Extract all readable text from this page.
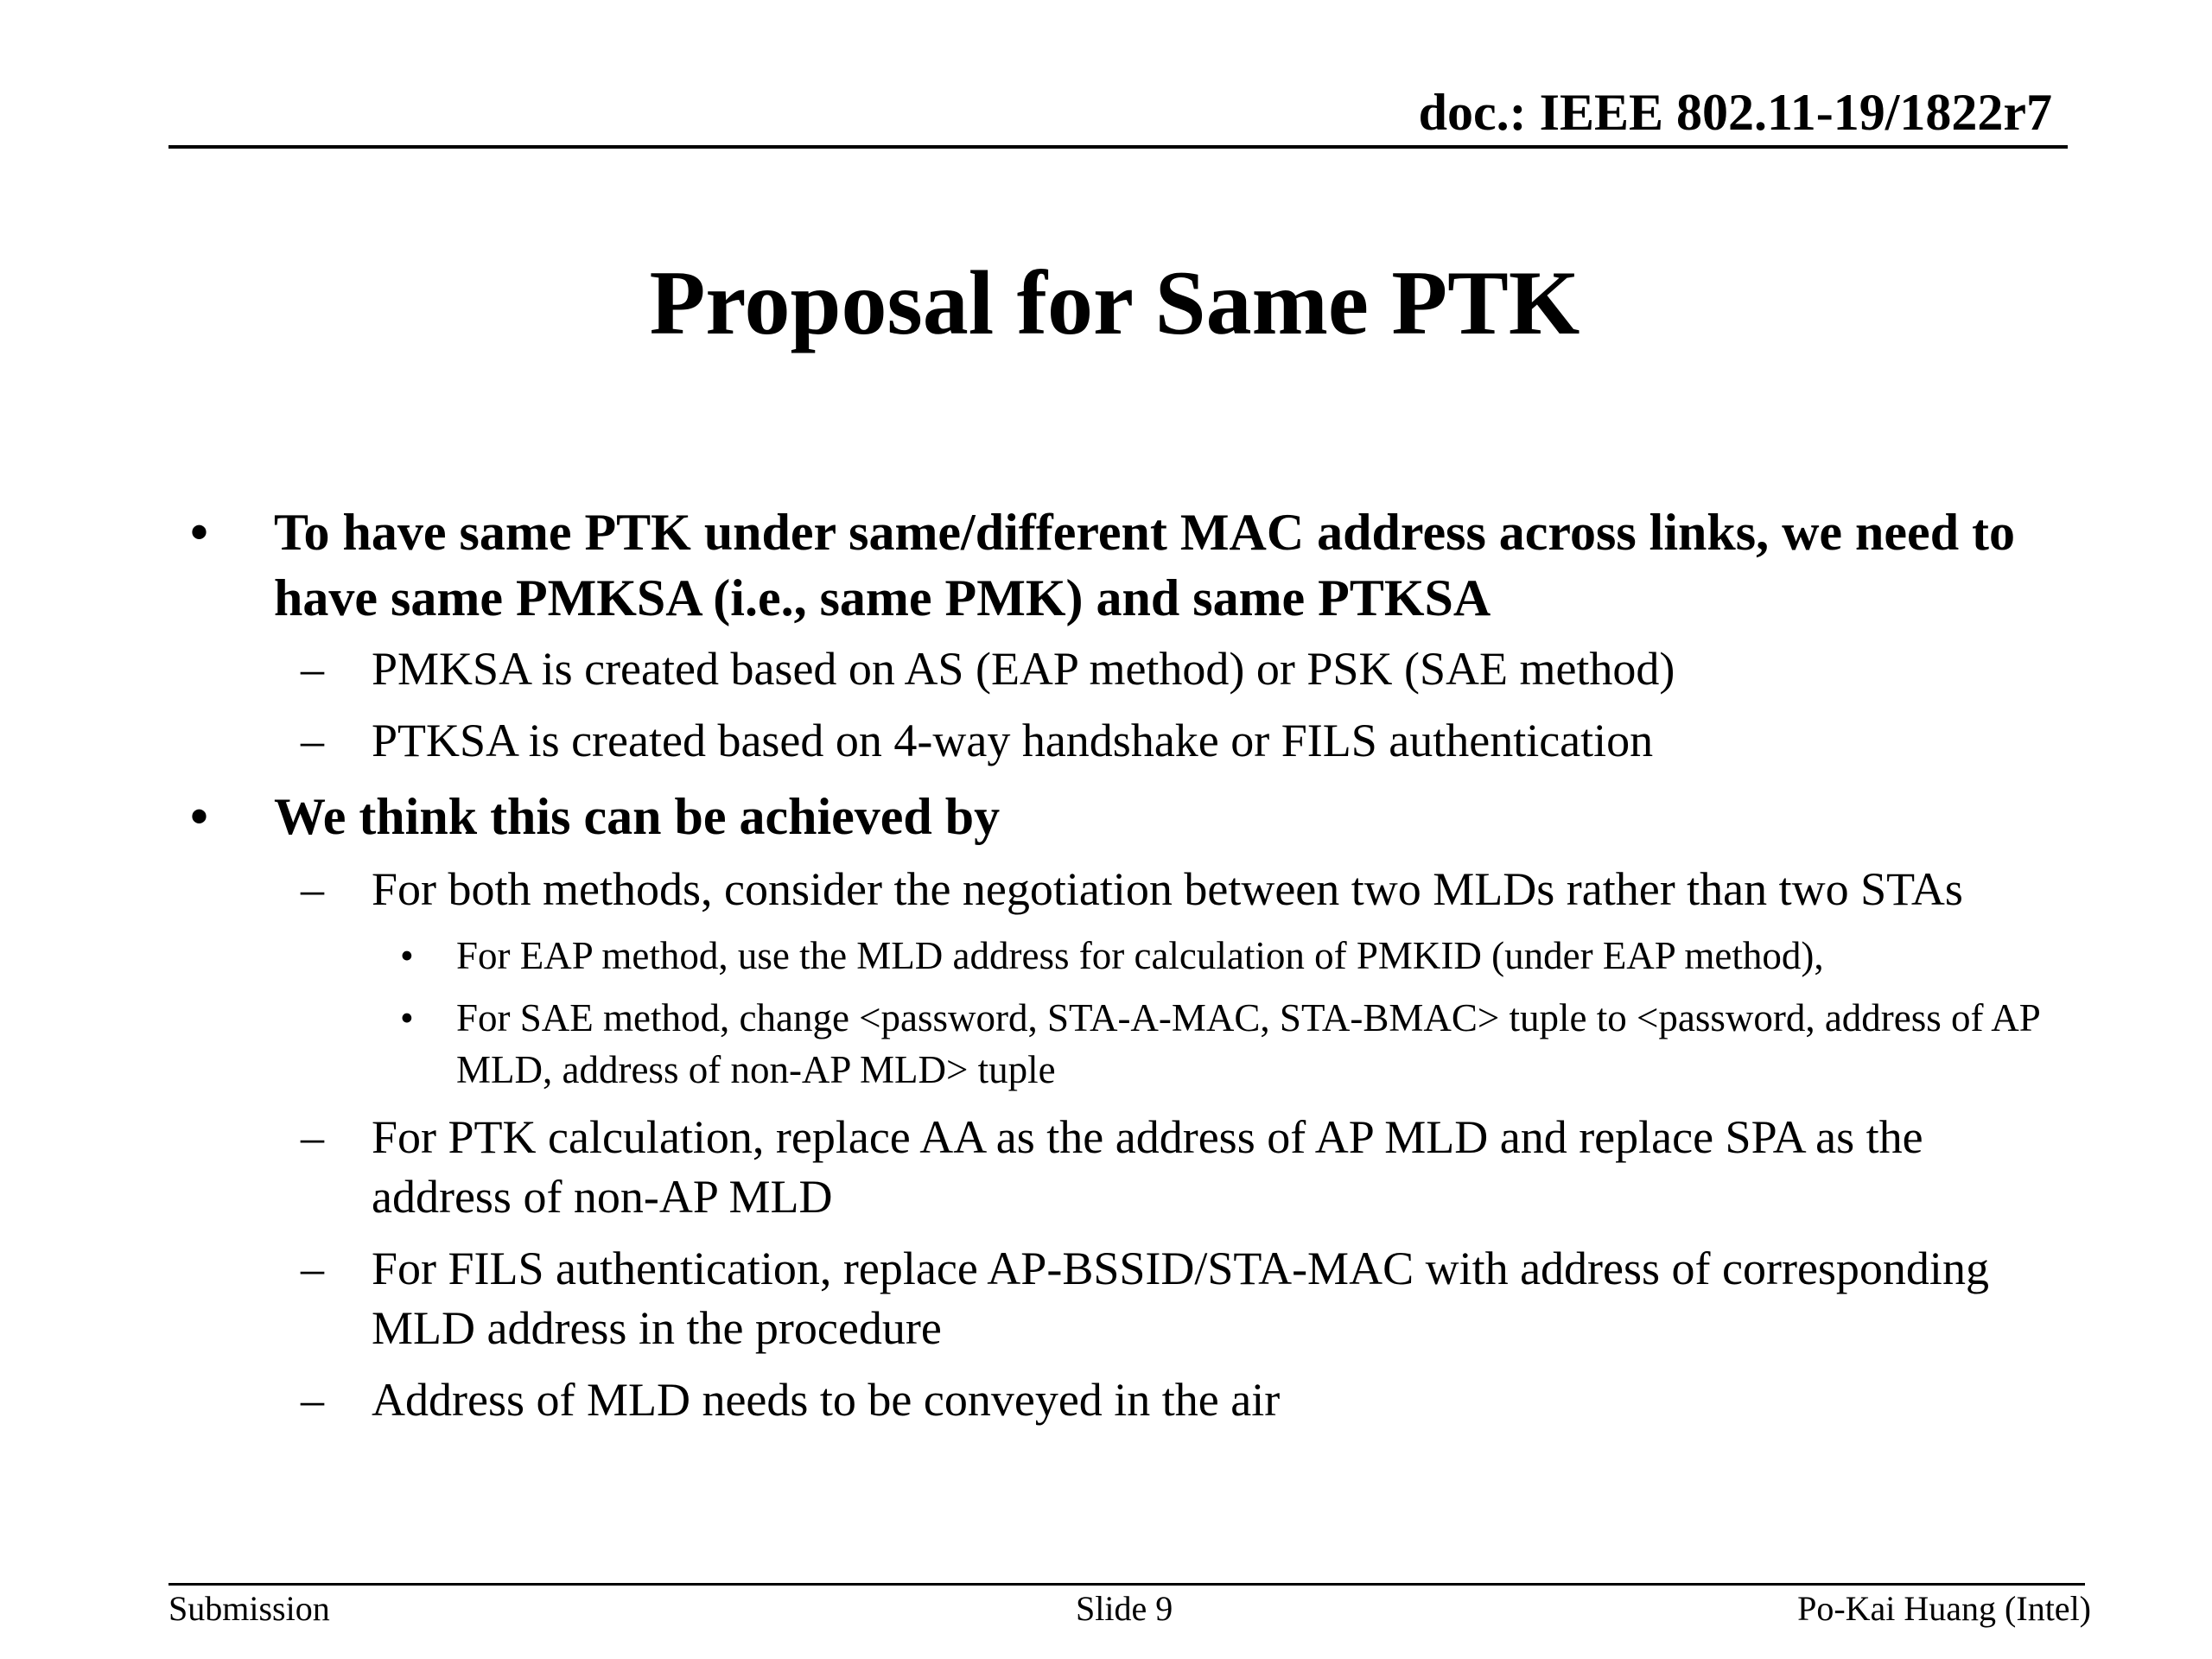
doc.: IEEE 802.11-19/1822r7
Proposal for Same PTK
• To have same PTK under same/different MAC address across links, we need to have same PMKSA (i.e., same PMK) and same PTKSA
– PMKSA is created based on AS (EAP method) or PSK (SAE method)
– PTKSA is created based on 4-way handshake or FILS authentication
• We think this can be achieved by
– For both methods, consider the negotiation between two MLDs rather than two STAs
• For EAP method, use the MLD address for calculation of PMKID (under EAP method),
• For SAE method, change <password, STA-A-MAC, STA-BMAC> tuple to <password, address of AP MLD, address of non-AP MLD> tuple
– For PTK calculation, replace AA as the address of AP MLD and replace SPA as the address of non-AP MLD
– For FILS authentication, replace AP-BSSID/STA-MAC with address of corresponding MLD address in the procedure
– Address of MLD needs to be conveyed in the air
Submission	Slide 9	Po-Kai Huang (Intel)
